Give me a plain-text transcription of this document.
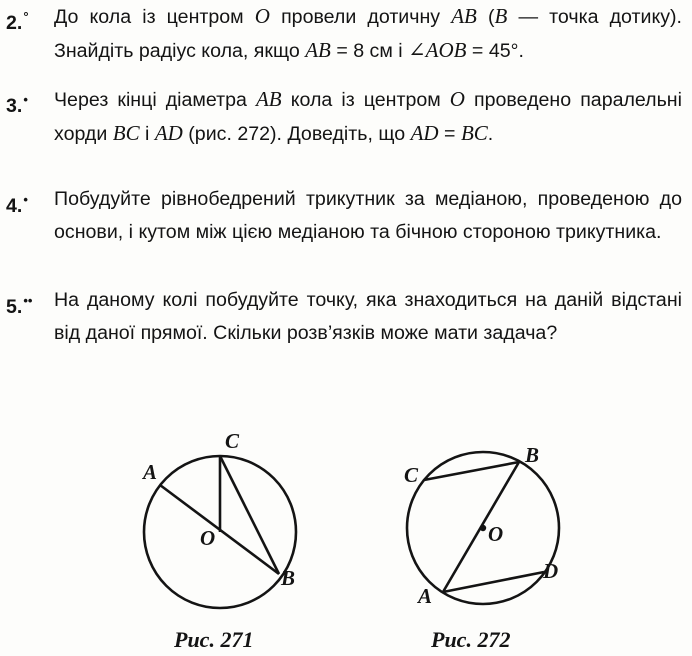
2.° До кола із центром O провели дотичну AB (B — точка дотику). Знайдіть радіус кола, якщо AB = 8 см і ∠AOB = 45°.
3.• Через кінці діаметра AB кола із центром O проведено паралельні хорди BC і AD (рис. 272). Доведіть, що AD = BC.
4.• Побудуйте рівнобедрений трикутник за медіаною, проведеною до основи, і кутом між цією медіаною та бічною стороною трикутника.
5.•• На даному колі побудуйте точку, яка знаходиться на даній відстані від даної прямої. Скільки розв’язків може мати задача?
A
C
O
B
C
B
O
A
D
Рис. 271	Рис. 272
